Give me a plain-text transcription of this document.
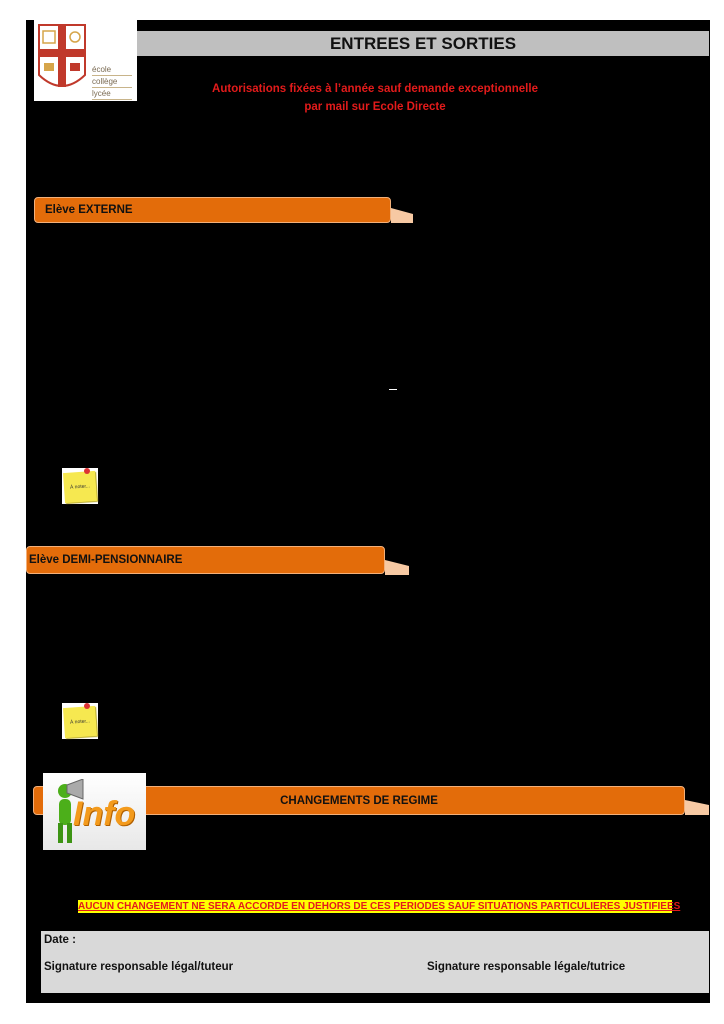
école
collège
lycée
ENTREES ET SORTIES
Autorisations fixées à l’année sauf demande exceptionnelle
par mail sur Ecole Directe
Elève EXTERNE
À noter...
Elève DEMI-PENSIONNAIRE
À noter...
CHANGEMENTS DE REGIME
Info
AUCUN CHANGEMENT NE SERA ACCORDE EN DEHORS DE CES PERIODES SAUF SITUATIONS PARTICULIERES JUSTIFIEES
Date :
Signature responsable légal/tuteur	Signature responsable légale/tutrice
